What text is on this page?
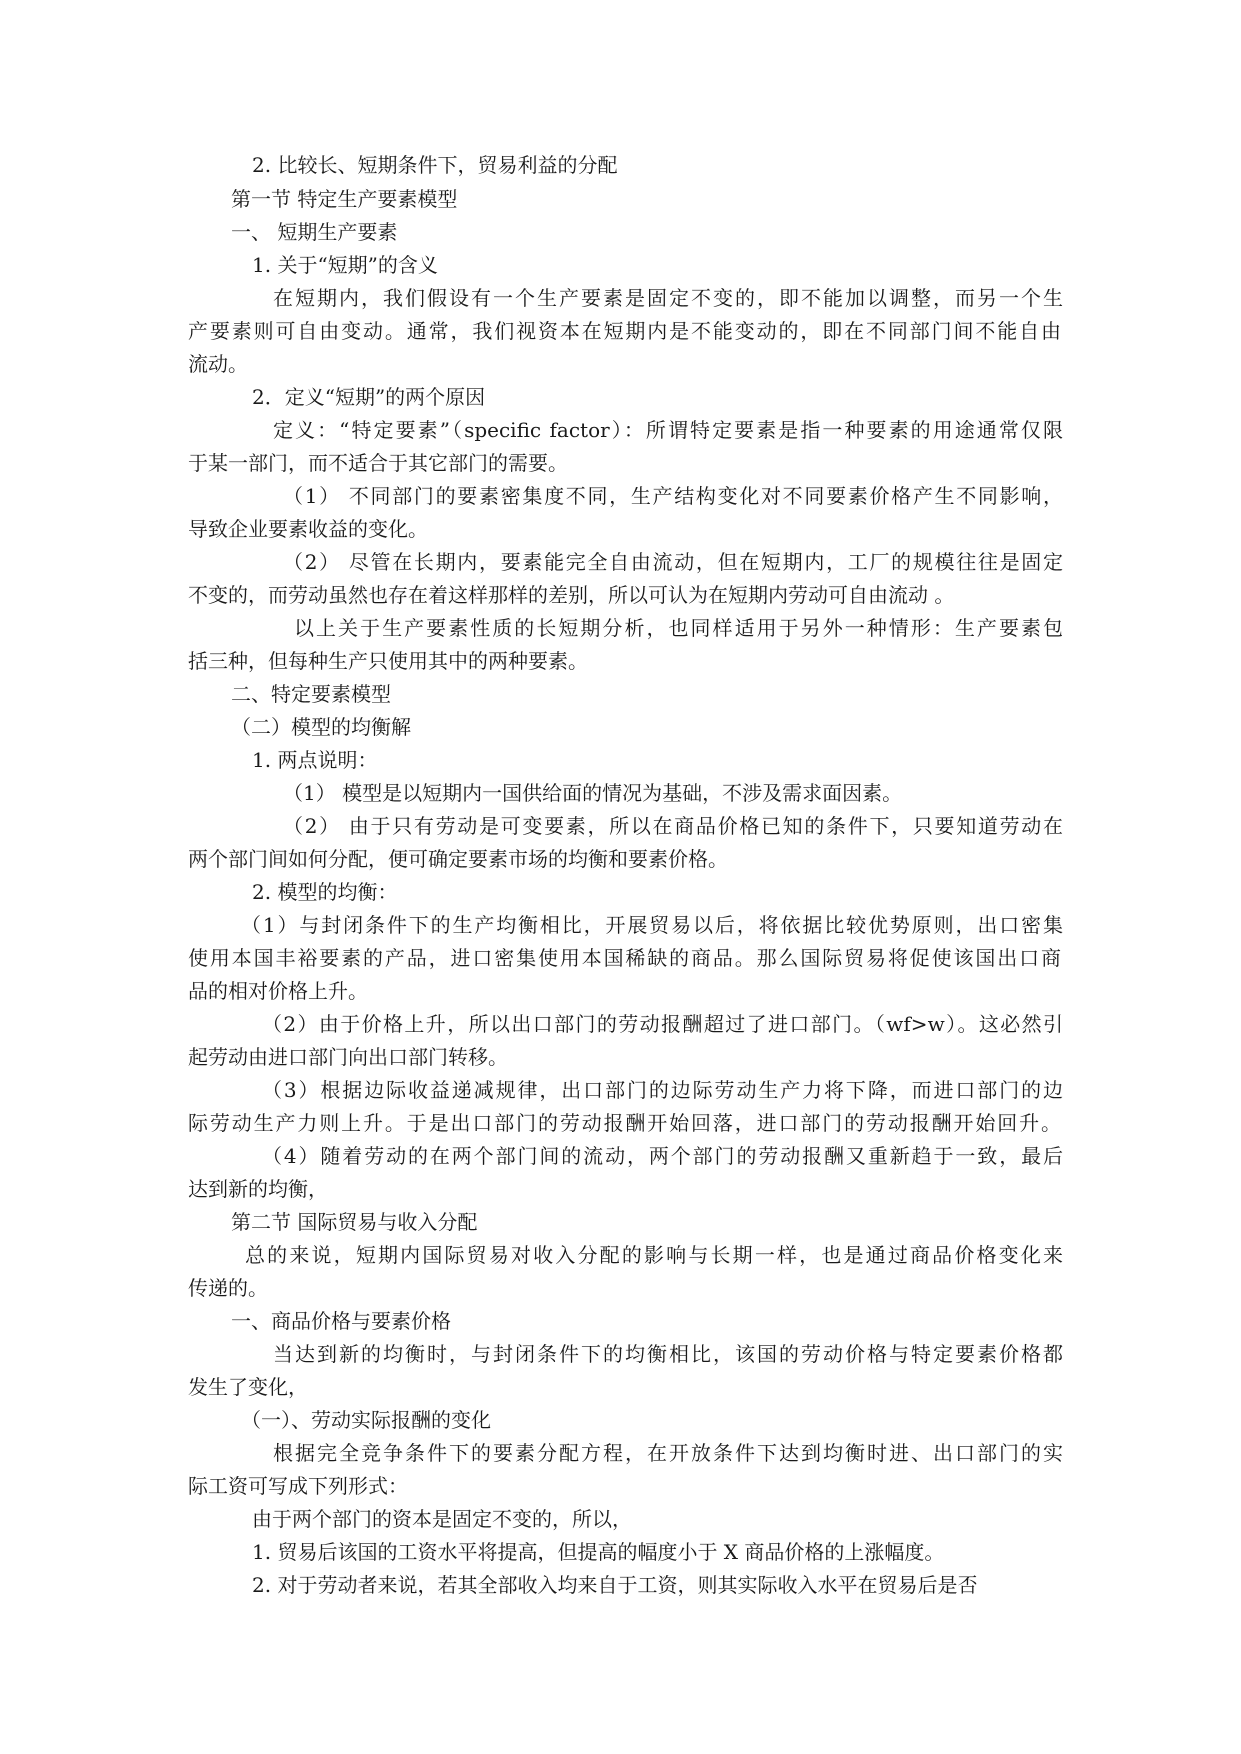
2. 比较长、短期条件下，贸易利益的分配
第一节 特定生产要素模型
一、 短期生产要素
1. 关于“短期”的含义
在短期内，我们假设有一个生产要素是固定不变的，即不能加以调整，而另一个生
产要素则可自由变动。通常，我们视资本在短期内是不能变动的，即在不同部门间不能自由
流动。
2．定义“短期”的两个原因
定义：“特定要素”（specific factor）：所谓特定要素是指一种要素的用途通常仅限
于某一部门，而不适合于其它部门的需要。
（1） 不同部门的要素密集度不同，生产结构变化对不同要素价格产生不同影响，
导致企业要素收益的变化。
（2） 尽管在长期内，要素能完全自由流动，但在短期内，工厂的规模往往是固定
不变的，而劳动虽然也存在着这样那样的差别，所以可认为在短期内劳动可自由流动 。
以上关于生产要素性质的长短期分析，也同样适用于另外一种情形：生产要素包
括三种，但每种生产只使用其中的两种要素。
二、特定要素模型
（二）模型的均衡解
1. 两点说明：
（1） 模型是以短期内一国供给面的情况为基础，不涉及需求面因素。
（2） 由于只有劳动是可变要素，所以在商品价格已知的条件下，只要知道劳动在
两个部门间如何分配，便可确定要素市场的均衡和要素价格。
2. 模型的均衡：
（1）与封闭条件下的生产均衡相比，开展贸易以后，将依据比较优势原则，出口密集
使用本国丰裕要素的产品，进口密集使用本国稀缺的商品。那么国际贸易将促使该国出口商
品的相对价格上升。
（2）由于价格上升，所以出口部门的劳动报酬超过了进口部门。（wf>w）。这必然引
起劳动由进口部门向出口部门转移。
（3）根据边际收益递减规律，出口部门的边际劳动生产力将下降，而进口部门的边
际劳动生产力则上升。于是出口部门的劳动报酬开始回落，进口部门的劳动报酬开始回升。
（4）随着劳动的在两个部门间的流动，两个部门的劳动报酬又重新趋于一致，最后
达到新的均衡，
第二节 国际贸易与收入分配
总的来说，短期内国际贸易对收入分配的影响与长期一样，也是通过商品价格变化来
传递的。
一、商品价格与要素价格
当达到新的均衡时，与封闭条件下的均衡相比，该国的劳动价格与特定要素价格都
发生了变化，
（一）、劳动实际报酬的变化
根据完全竞争条件下的要素分配方程，在开放条件下达到均衡时进、出口部门的实
际工资可写成下列形式：
由于两个部门的资本是固定不变的，所以，
1. 贸易后该国的工资水平将提高，但提高的幅度小于 X 商品价格的上涨幅度。
2. 对于劳动者来说，若其全部收入均来自于工资，则其实际收入水平在贸易后是否
